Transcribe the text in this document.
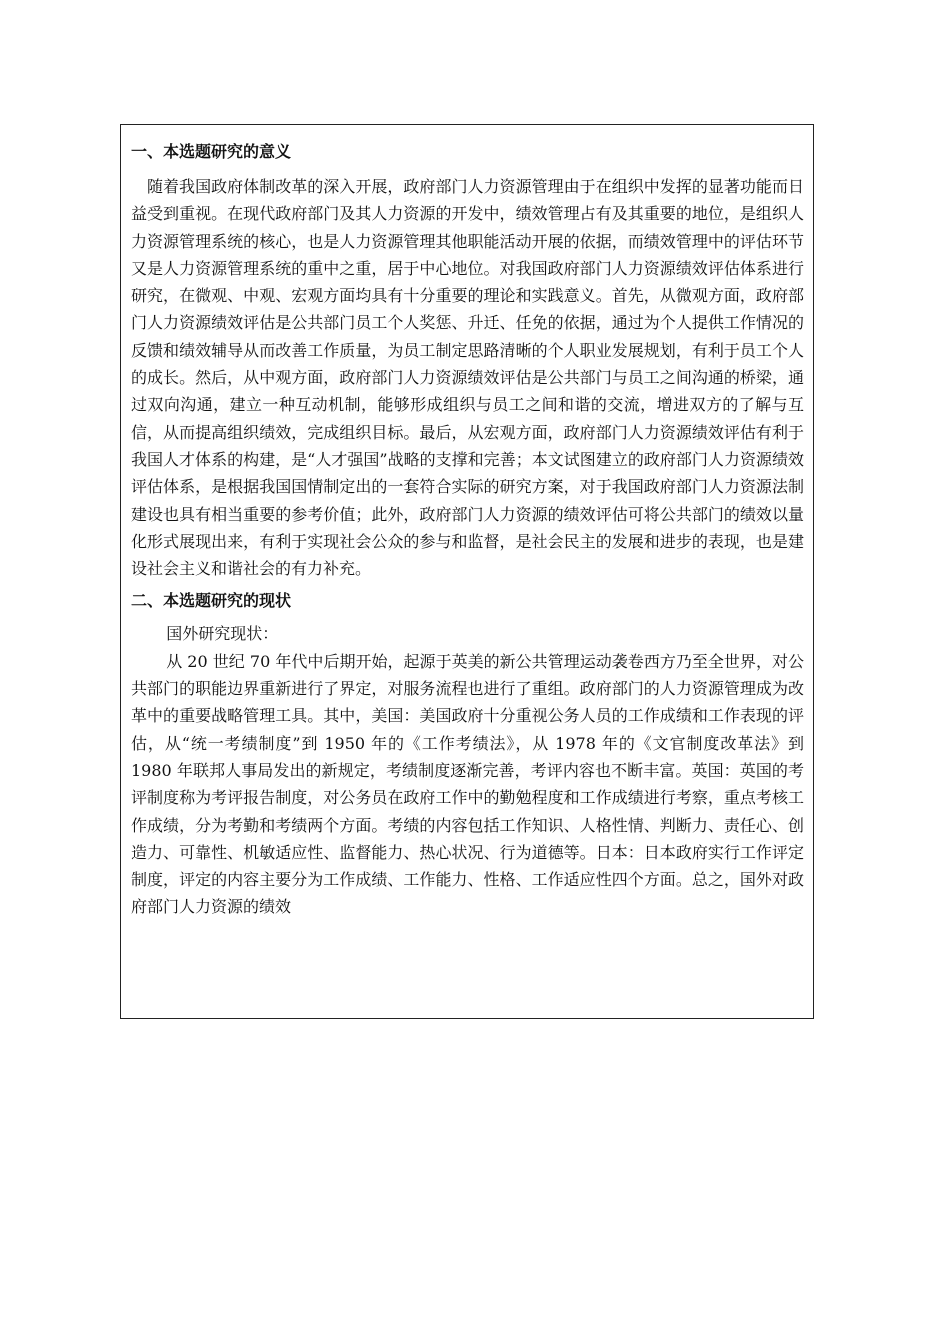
一、本选题研究的意义

随着我国政府体制改革的深入开展，政府部门人力资源管理由于在组织中发挥的显著功能而日益受到重视。在现代政府部门及其人力资源的开发中，绩效管理占有及其重要的地位，是组织人力资源管理系统的核心，也是人力资源管理其他职能活动开展的依据，而绩效管理中的评估环节又是人力资源管理系统的重中之重，居于中心地位。对我国政府部门人力资源绩效评估体系进行研究，在微观、中观、宏观方面均具有十分重要的理论和实践意义。首先，从微观方面，政府部门人力资源绩效评估是公共部门员工个人奖惩、升迁、任免的依据，通过为个人提供工作情况的反馈和绩效辅导从而改善工作质量，为员工制定思路清晰的个人职业发展规划，有利于员工个人的成长。然后，从中观方面，政府部门人力资源绩效评估是公共部门与员工之间沟通的桥梁，通过双向沟通，建立一种互动机制，能够形成组织与员工之间和谐的交流，增进双方的了解与互信，从而提高组织绩效，完成组织目标。最后，从宏观方面，政府部门人力资源绩效评估有利于我国人才体系的构建，是“人才强国”战略的支撑和完善；本文试图建立的政府部门人力资源绩效评估体系，是根据我国国情制定出的一套符合实际的研究方案，对于我国政府部门人力资源法制建设也具有相当重要的参考价值；此外，政府部门人力资源的绩效评估可将公共部门的绩效以量化形式展现出来，有利于实现社会公众的参与和监督，是社会民主的发展和进步的表现，也是建设社会主义和谐社会的有力补充。

二、本选题研究的现状

国外研究现状：

从 20 世纪 70 年代中后期开始，起源于英美的新公共管理运动袭卷西方乃至全世界，对公共部门的职能边界重新进行了界定，对服务流程也进行了重组。政府部门的人力资源管理成为改革中的重要战略管理工具。其中，美国：美国政府十分重视公务人员的工作成绩和工作表现的评估，从“统一考绩制度”到 1950 年的《工作考绩法》，从 1978 年的《文官制度改革法》到 1980 年联邦人事局发出的新规定，考绩制度逐渐完善，考评内容也不断丰富。英国：英国的考评制度称为考评报告制度，对公务员在政府工作中的勤勉程度和工作成绩进行考察，重点考核工作成绩，分为考勤和考绩两个方面。考绩的内容包括工作知识、人格性情、判断力、责任心、创造力、可靠性、机敏适应性、监督能力、热心状况、行为道德等。日本：日本政府实行工作评定制度，评定的内容主要分为工作成绩、工作能力、性格、工作适应性四个方面。总之，国外对政府部门人力资源的绩效
